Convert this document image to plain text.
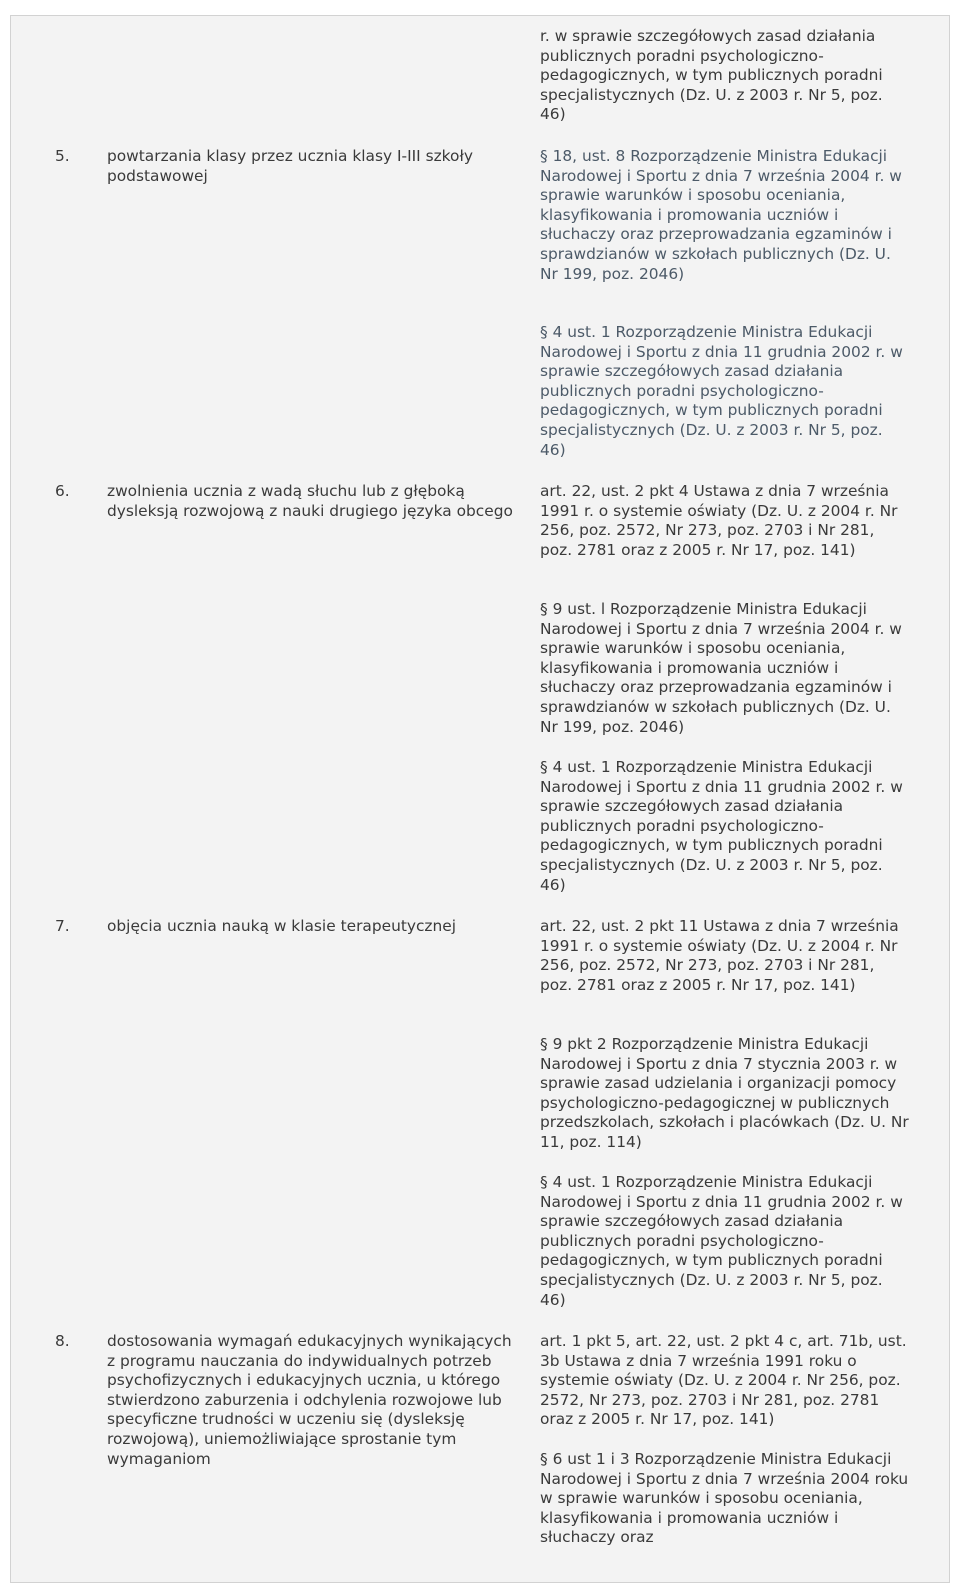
r. w sprawie szczegółowych zasad działania publicznych poradni psychologiczno-pedagogicznych, w tym publicznych poradni specjalistycznych (Dz. U. z 2003 r. Nr 5, poz. 46)
5. powtarzania klasy przez ucznia klasy I-III szkoły podstawowej
§ 18, ust. 8 Rozporządzenie Ministra Edukacji Narodowej i Sportu z dnia 7 września 2004 r. w sprawie warunków i sposobu oceniania, klasyfikowania i promowania uczniów i słuchaczy oraz przeprowadzania egzaminów i sprawdzianów w szkołach publicznych (Dz. U. Nr 199, poz. 2046)
§ 4 ust. 1 Rozporządzenie Ministra Edukacji Narodowej i Sportu z dnia 11 grudnia 2002 r. w sprawie szczegółowych zasad działania publicznych poradni psychologiczno-pedagogicznych, w tym publicznych poradni specjalistycznych (Dz. U. z 2003 r. Nr 5, poz. 46)
6. zwolnienia ucznia z wadą słuchu lub z głęboką dysleksją rozwojową z nauki drugiego języka obcego
art. 22, ust. 2 pkt 4 Ustawa z dnia 7 września 1991 r. o systemie oświaty (Dz. U. z 2004 r. Nr 256, poz. 2572, Nr 273, poz. 2703 i Nr 281, poz. 2781 oraz z 2005 r. Nr 17, poz. 141)
§ 9 ust. l Rozporządzenie Ministra Edukacji Narodowej i Sportu z dnia 7 września 2004 r. w sprawie warunków i sposobu oceniania, klasyfikowania i promowania uczniów i słuchaczy oraz przeprowadzania egzaminów i sprawdzianów w szkołach publicznych (Dz. U. Nr 199, poz. 2046)
§ 4 ust. 1 Rozporządzenie Ministra Edukacji Narodowej i Sportu z dnia 11 grudnia 2002 r. w sprawie szczegółowych zasad działania publicznych poradni psychologiczno-pedagogicznych, w tym publicznych poradni specjalistycznych (Dz. U. z 2003 r. Nr 5, poz. 46)
7. objęcia ucznia nauką w klasie terapeutycznej	art. 22, ust. 2 pkt 11 Ustawa z dnia 7 września 1991 r. o systemie oświaty (Dz. U. z 2004 r. Nr 256, poz. 2572, Nr 273, poz. 2703 i Nr 281, poz. 2781 oraz z 2005 r. Nr 17, poz. 141)
§ 9 pkt 2 Rozporządzenie Ministra Edukacji Narodowej i Sportu z dnia 7 stycznia 2003 r. w sprawie zasad udzielania i organizacji pomocy psychologiczno-pedagogicznej w publicznych przedszkolach, szkołach i placówkach (Dz. U. Nr 11, poz. 114)
§ 4 ust. 1 Rozporządzenie Ministra Edukacji Narodowej i Sportu z dnia 11 grudnia 2002 r. w sprawie szczegółowych zasad działania publicznych poradni psychologiczno-pedagogicznych, w tym publicznych poradni specjalistycznych (Dz. U. z 2003 r. Nr 5, poz. 46)
8. dostosowania wymagań edukacyjnych wynikających z programu nauczania do indywidualnych potrzeb psychofizycznych i edukacyjnych ucznia, u którego stwierdzono zaburzenia i odchylenia rozwojowe lub specyficzne trudności w uczeniu się (dysleksję rozwojową), uniemożliwiające sprostanie tym wymaganiom
art. 1 pkt 5, art. 22, ust. 2 pkt 4 c, art. 71b, ust. 3b Ustawa z dnia 7 września 1991 roku o systemie oświaty (Dz. U. z 2004 r. Nr 256, poz. 2572, Nr 273, poz. 2703 i Nr 281, poz. 2781 oraz z 2005 r. Nr 17, poz. 141)
§ 6 ust 1 i 3 Rozporządzenie Ministra Edukacji Narodowej i Sportu z dnia 7 września 2004 roku w sprawie warunków i sposobu oceniania, klasyfikowania i promowania uczniów i słuchaczy oraz
